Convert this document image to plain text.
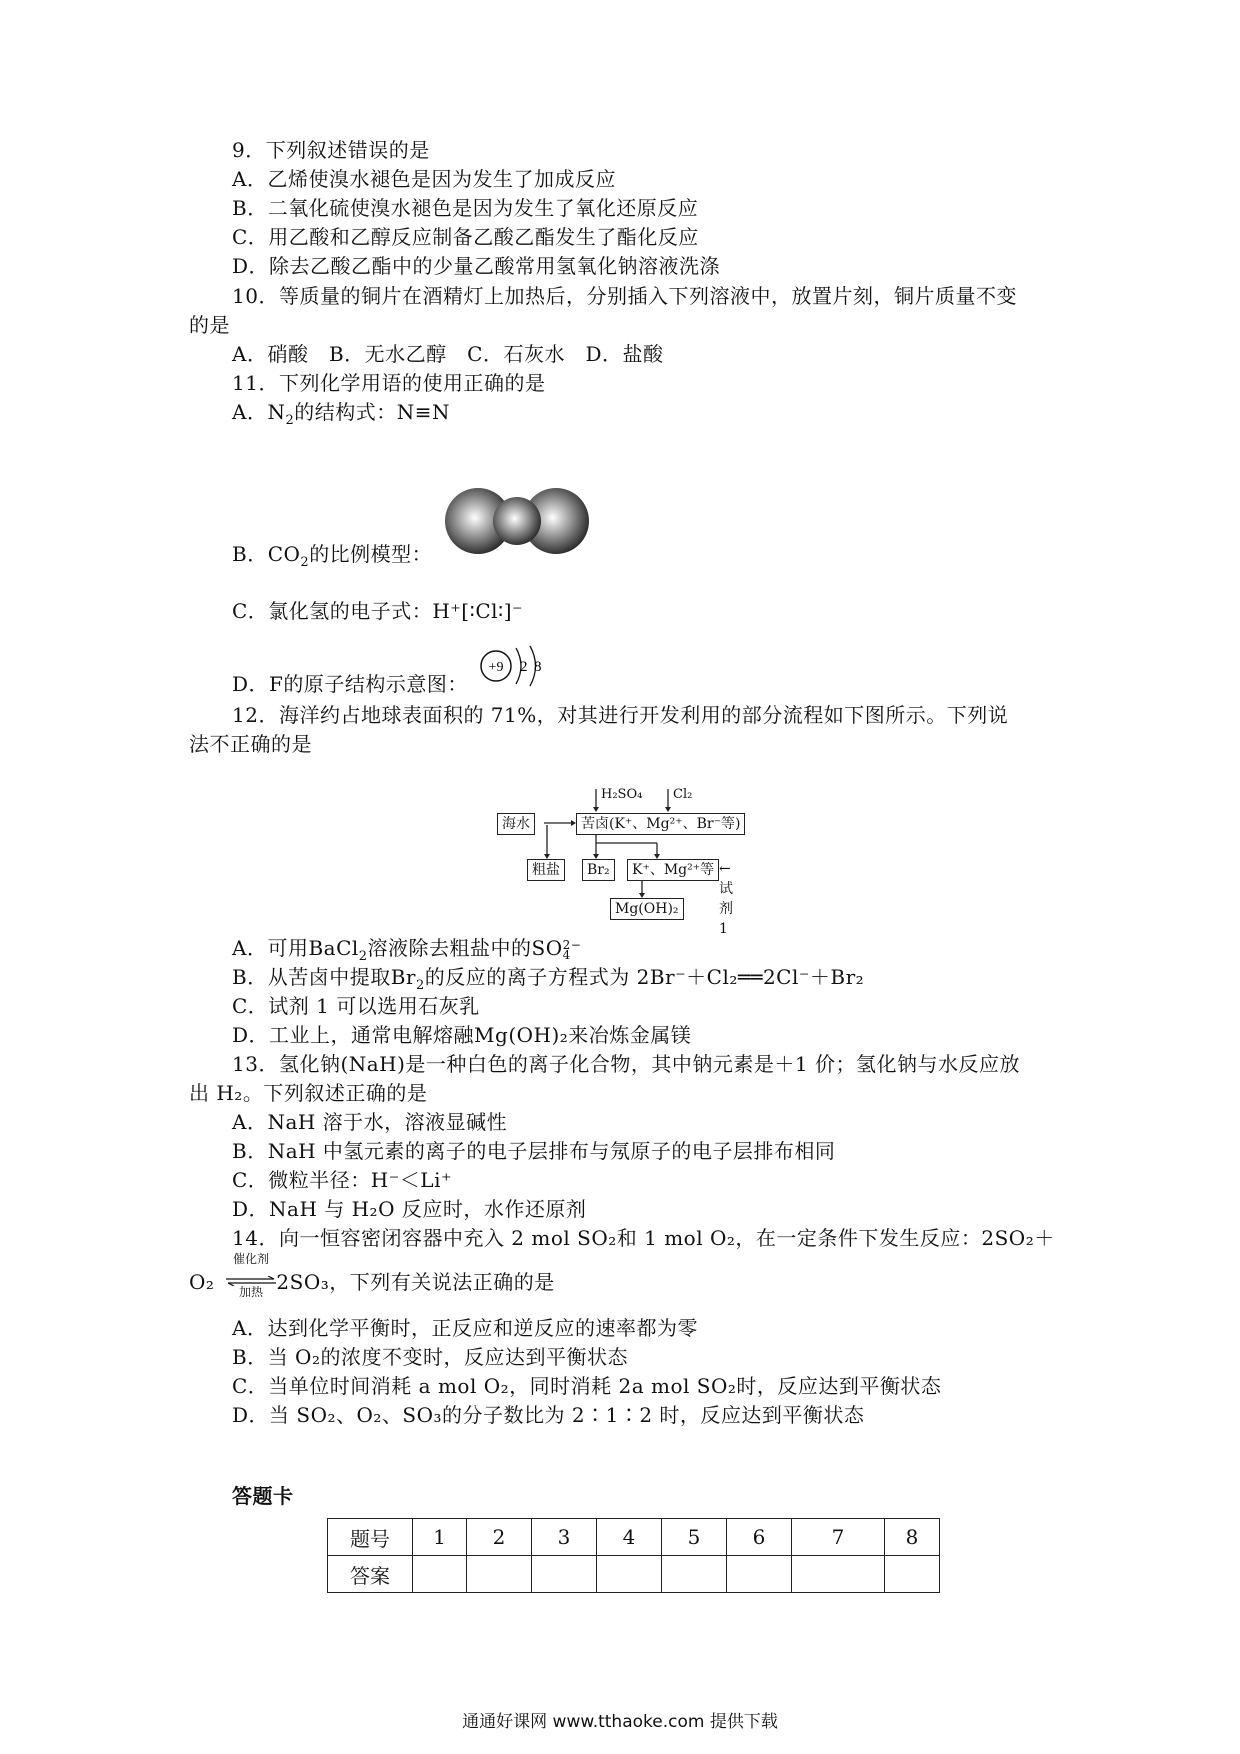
9．下列叙述错误的是
A．乙烯使溴水褪色是因为发生了加成反应
B．二氧化硫使溴水褪色是因为发生了氧化还原反应
C．用乙酸和乙醇反应制备乙酸乙酯发生了酯化反应
D．除去乙酸乙酯中的少量乙酸常用氢氧化钠溶液洗涤
10．等质量的铜片在酒精灯上加热后，分别插入下列溶液中，放置片刻，铜片质量不变
的是
A．硝酸　B．无水乙醇　C．石灰水　D．盐酸
11．下列化学用语的使用正确的是
A．$N_2$的结构式：N≡N
B．$CO_2$的比例模型：
C．氯化氢的电子式：H⁺[∶Cl∶]⁻
D．F的原子结构示意图：
+9 2 8
12．海洋约占地球表面积的 71%，对其进行开发利用的部分流程如下图所示。下列说
法不正确的是
海水	苦卤(K⁺、Mg²⁺、Br⁻等)
H₂SO₄ Cl₂
粗盐	Br₂	K⁺、Mg²⁺等 ←试剂1
Mg(OH)₂
A．可用BaCl$_2$溶液除去粗盐中的SO 2−
4
B．从苦卤中提取$Br_2$的反应的离子方程式为 2Br⁻＋Cl₂══2Cl⁻＋Br₂
C．试剂 1 可以选用石灰乳
D．工业上，通常电解熔融Mg(OH)₂来冶炼金属镁
13．氢化钠(NaH)是一种白色的离子化合物，其中钠元素是＋1 价；氢化钠与水反应放
出 H₂。下列叙述正确的是
A．NaH 溶于水，溶液显碱性
B．NaH 中氢元素的离子的电子层排布与氖原子的电子层排布相同
C．微粒半径：H⁻＜Li⁺
D．NaH 与 H₂O 反应时，水作还原剂
14．向一恒容密闭容器中充入 2 mol SO₂和 1 mol O₂，在一定条件下发生反应：2SO₂＋
O₂	2SO₃，下列有关说法正确的是
催化剂
加热
A．达到化学平衡时，正反应和逆反应的速率都为零
B．当 O₂的浓度不变时，反应达到平衡状态
C．当单位时间消耗 a mol O₂，同时消耗 2a mol SO₂时，反应达到平衡状态
D．当 SO₂、O₂、SO₃的分子数比为 2∶1∶2 时，反应达到平衡状态
答题卡
题号	1	2	3	4	5	6	7	8
答案								
通通好课网 www.tthaoke.com 提供下载
